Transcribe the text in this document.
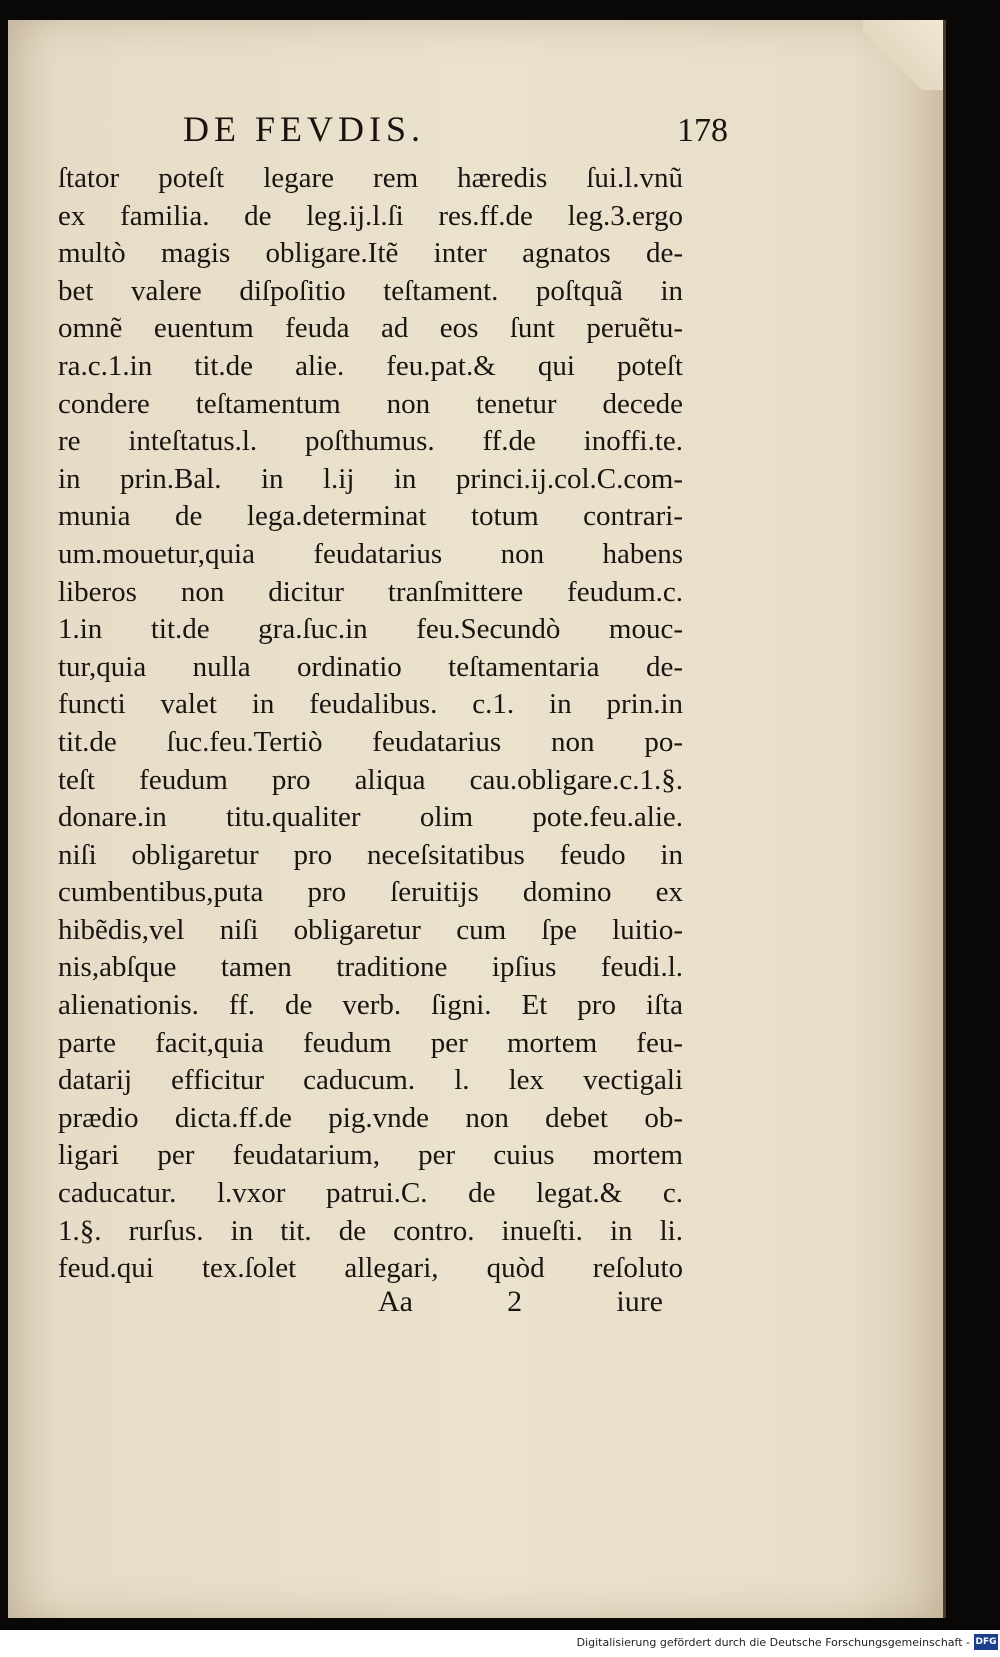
DE FEVDIS.	178
ſtator poteſt legare rem hæredis ſui.l.vnũ
ex familia. de leg.ij.l.ſi res.ff.de leg.3.ergo
multò magis obligare.Itẽ inter agnatos de-
bet valere diſpoſitio teſtament. poſtquã in
omnẽ euentum feuda ad eos ſunt peruẽtu-
ra.c.1.in tit.de alie. feu.pat.& qui poteſt
condere teſtamentum non tenetur decede
re inteſtatus.l. poſthumus. ff.de inoffi.te.
in prin.Bal. in l.ij in princi.ij.col.C.com-
munia de lega.determinat totum contrari-
um.mouetur,quia feudatarius non habens
liberos non dicitur tranſmittere feudum.c.
1.in tit.de gra.ſuc.in feu.Secundò mouc-
tur,quia nulla ordinatio teſtamentaria de-
functi valet in feudalibus. c.1. in prin.in
tit.de ſuc.feu.Tertiò feudatarius non po-
teſt feudum pro aliqua cau.obligare.c.1.§.
donare.in titu.qualiter olim pote.feu.alie.
niſi obligaretur pro neceſsitatibus feudo in
cumbentibus,puta pro ſeruitijs domino ex
hibẽdis,vel niſi obligaretur cum ſpe luitio-
nis,abſque tamen traditione ipſius feudi.l.
alienationis. ff. de verb. ſigni. Et pro iſta
parte facit,quia feudum per mortem feu-
datarij efficitur caducum. l. lex vectigali
prædio dicta.ff.de pig.vnde non debet ob-
ligari per feudatarium, per cuius mortem
caducatur. l.vxor patrui.C. de legat.& c.
1.§. rurſus. in tit. de contro. inueſti. in li.
feud.qui tex.ſolet allegari, quòd reſoluto
Aa	2	iure
Digitalisierung gefördert durch die Deutsche Forschungsgemeinschaft - DFG
